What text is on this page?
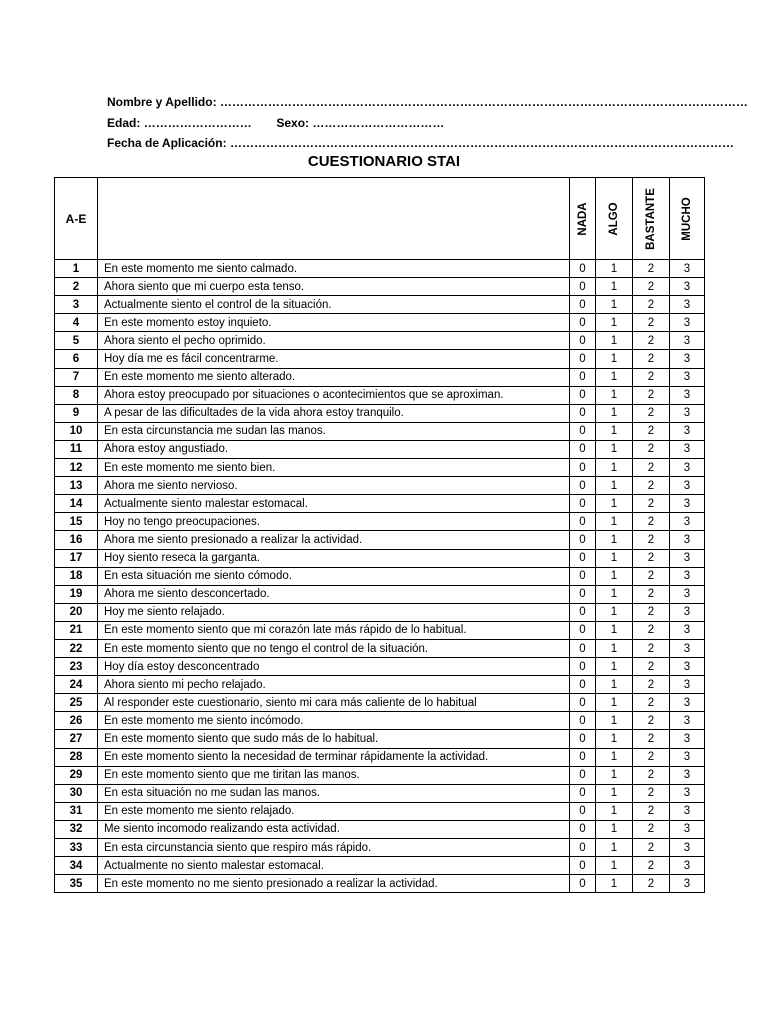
Nombre y Apellido: ……………………………………………………………………………………………………………………
Edad: ……………………… Sexo: ……………………………
Fecha de Aplicación: ………………………………………………………………………………………………………………
CUESTIONARIO STAI
A-E		NADA	ALGO	BASTANTE	MUCHO

1	En este momento me siento calmado.	0	1	2	3
2	Ahora siento que mi cuerpo esta tenso.	0	1	2	3
3	Actualmente siento el control de la situación.	0	1	2	3
4	En este momento estoy inquieto.	0	1	2	3
5	Ahora siento el pecho oprimido.	0	1	2	3
6	Hoy día me es fácil concentrarme.	0	1	2	3
7	En este momento me siento alterado.	0	1	2	3
8	Ahora estoy preocupado por situaciones o acontecimientos que se aproximan.	0	1	2	3
9	A pesar de las dificultades de la vida ahora estoy tranquilo.	0	1	2	3
10	En esta circunstancia me sudan las manos.	0	1	2	3
11	Ahora estoy angustiado.	0	1	2	3
12	En este momento me siento bien.	0	1	2	3
13	Ahora me siento nervioso.	0	1	2	3
14	Actualmente siento malestar estomacal.	0	1	2	3
15	Hoy no tengo preocupaciones.	0	1	2	3
16	Ahora me siento presionado a realizar la actividad.	0	1	2	3
17	Hoy siento reseca la garganta.	0	1	2	3
18	En esta situación me siento cómodo.	0	1	2	3
19	Ahora me siento desconcertado.	0	1	2	3
20	Hoy me siento relajado.	0	1	2	3
21	En este momento siento que mi corazón late más rápido de lo habitual.	0	1	2	3
22	En este momento siento que no tengo el control de la situación.	0	1	2	3
23	Hoy día estoy desconcentrado	0	1	2	3
24	Ahora siento mi pecho relajado.	0	1	2	3
25	Al responder este cuestionario, siento mi cara más caliente de lo habitual	0	1	2	3
26	En este momento me siento incómodo.	0	1	2	3
27	En este momento siento que sudo más de lo habitual.	0	1	2	3
28	En este momento siento la necesidad de terminar rápidamente la actividad.	0	1	2	3
29	En este momento siento que me tiritan las manos.	0	1	2	3
30	En esta situación no me sudan las manos.	0	1	2	3
31	En este momento me siento relajado.	0	1	2	3
32	Me siento incomodo realizando esta actividad.	0	1	2	3
33	En esta circunstancia siento que respiro más rápido.	0	1	2	3
34	Actualmente no siento malestar estomacal.	0	1	2	3
35	En este momento no me siento presionado a realizar la actividad.	0	1	2	3
